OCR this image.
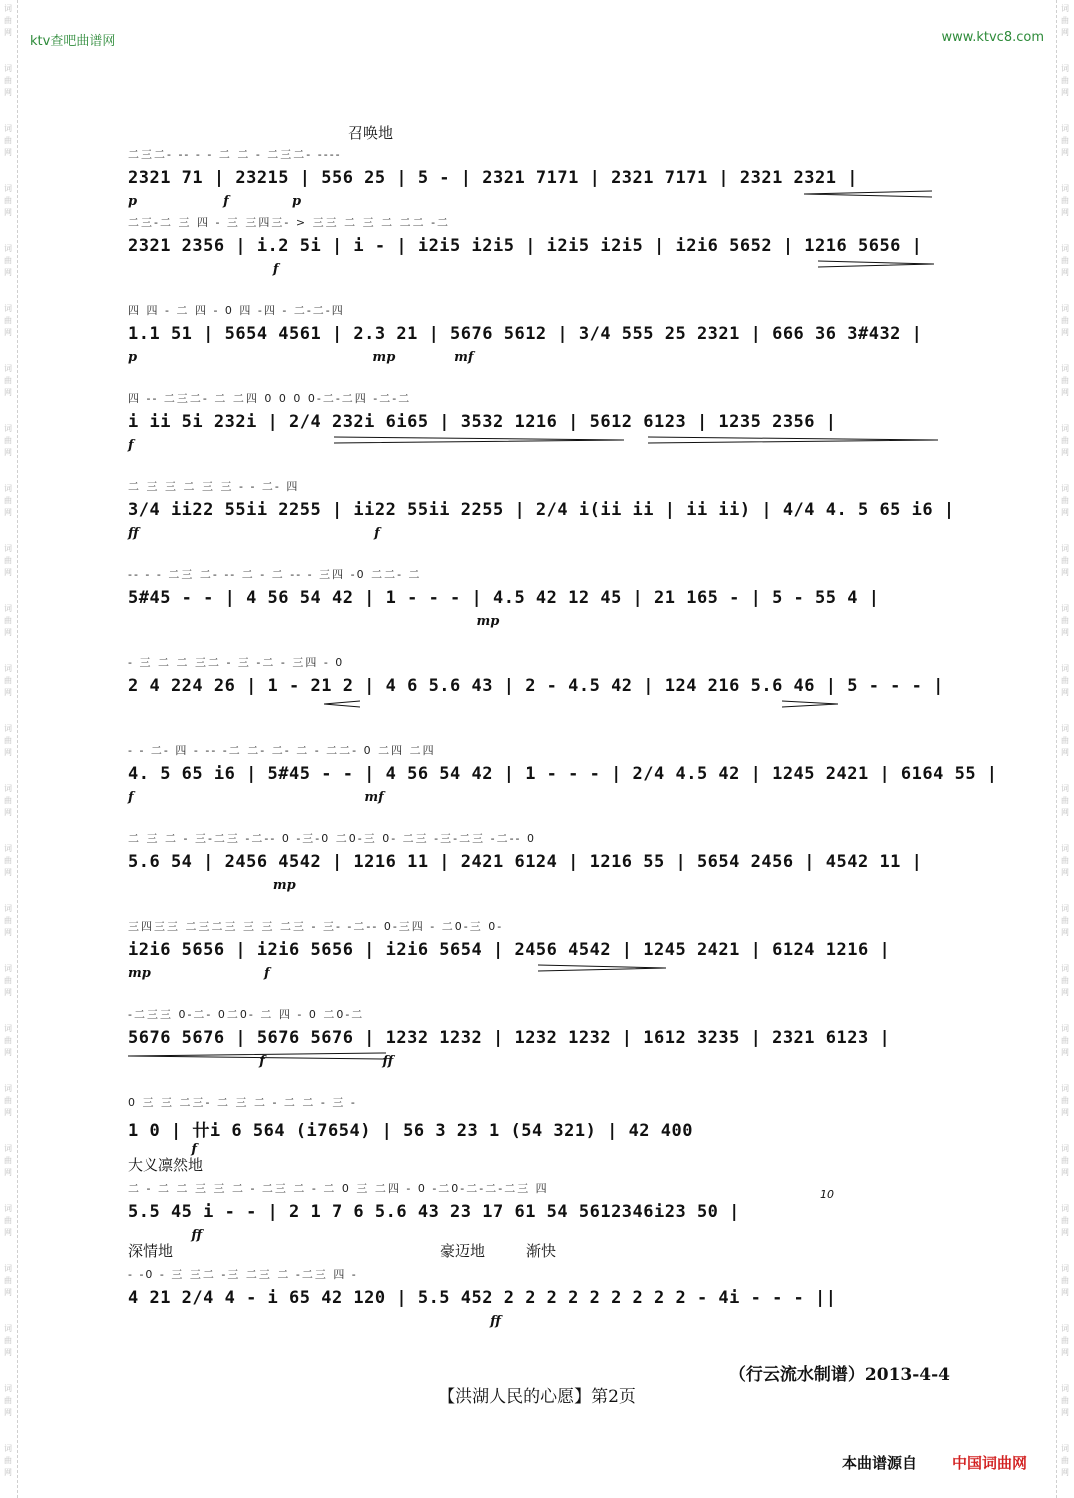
词
曲
网
词
曲
网
词
曲
网
词
曲
网
词
曲
网
词
曲
网
词
曲
网
词
曲
网
词
曲
网
词
曲
网
词
曲
网
词
曲
网
词
曲
网
词
曲
网
词
曲
网
词
曲
网
词
曲
网
词
曲
网
词
曲
网
词
曲
网
词
曲
网
词
曲
网
词
曲
网
词
曲
网
词
曲
网
词
曲
网
词
曲
网
词
曲
网
词
曲
网
词
曲
网
词
曲
网
词
曲
网
词
曲
网
词
曲
网
词
曲
网
词
曲
网
词
曲
网
词
曲
网
词
曲
网
词
曲
网
词
曲
网
词
曲
网
词
曲
网
词
曲
网
词
曲
网
词
曲
网
词
曲
网
词
曲
网
词
曲
网
词
曲
网
ktv查吧曲谱网	www.ktvc8.com
召唤地
二三二- -- - - 二 二 - 二三二- ----
2321 71 | 23215 | 556 25 | 5 - | 2321 7171 | 2321 7171 | 2321 2321 |
p                   f              p
二三-二 三 四 - 三 三四三- > 三三 二 三 二 二二 -二
2321 2356 | i.2 5i | i - | i2i5 i2i5 | i2i5 i2i5 | i2i6 5652 | 1216 5656 |
f
四 四 - 二 四 - 0 四 -四 - 二-二-四
1.1 51 | 5654 4561 | 2.3 21 | 5676 5612 | 3/4 555 25 2321 | 666 36 3#432 |
p                                                    mp             mf
四 -- 二三二- 二 二四 0 0 0 0-二-二四 -二-二
i ii 5i 232i | 2/4 232i 6i65 | 3532 1216 | 5612 6123 | 1235 2356 |
f
二 三 三 二 三 三 - - 二- 四
3/4 ii22 55ii 2255 | ii22 55ii 2255 | 2/4 i(ii ii | ii ii) | 4/4 4. 5 65 i6 |
ff                                                    f
-- - - 二三 二- -- 二 - 二 -- - 三四 -0 二二- 二
5#45 - - | 4 56 54 42 | 1 - - - | 4.5 42 12 45 | 21 165 - | 5 - 55 4 |
mp
- 三 二 二 三二 - 三 -二 - 三四 - 0
2 4 224 26 | 1 - 21 2 | 4 6 5.6 43 | 2 - 4.5 42 | 124 216 5.6 46 | 5 - - - |
- - 二- 四 - -- -二 二- 二- 二 - 二二- 0 二四 二四
4. 5 65 i6 | 5#45 - - | 4 56 54 42 | 1 - - - | 2/4 4.5 42 | 1245 2421 | 6164 55 |
f                                                   mf
二 三 二 - 三-二三 -二-- 0 -三-0 二0-三 0- 二三 -三-二三 -二-- 0
5.6 54 | 2456 4542 | 1216 11 | 2421 6124 | 1216 55 | 5654 2456 | 4542 11 |
mp
三四三三 二三二三 三 三 二三 - 三- -二-- 0-三四 - 二0-三 0-
i2i6 5656 | i2i6 5656 | i2i6 5654 | 2456 4542 | 1245 2421 | 6124 1216 |
mp                         f
-二三三 0-二- 0二0- 二 四 - 0 二0-二
5676 5676 | 5676 5676 | 1232 1232 | 1232 1232 | 1612 3235 | 2321 6123 |
f                          ff
0 三 三 二三- 二 三 二 - 二 二 - 三 -
1 0 | 卄i 6 564 (i7654) | 56 3 23 1 (54 321) | 42 400
f
大义凛然地
二 - 二 二 三 三 二 - 二三 二 - 二 0 三 二四 - 0 -二0-二-二-二三 四
5.5 45 i - - | 2 1 7 6 5.6 43 23 17 61 54 5612346i23 50 |
ff
10
深情地
- -0 - 三 三二 -三 二三 二 -二三 四 -
4 21 2/4 4 - i 65 42 120 | 5.5 452 2 2 2 2 2 2 2 2 2 - 4i - - - ||
ff
豪迈地	渐快
（行云流水制谱）2013-4-4
【洪湖人民的心愿】第2页
本曲谱源自 中国词曲网
